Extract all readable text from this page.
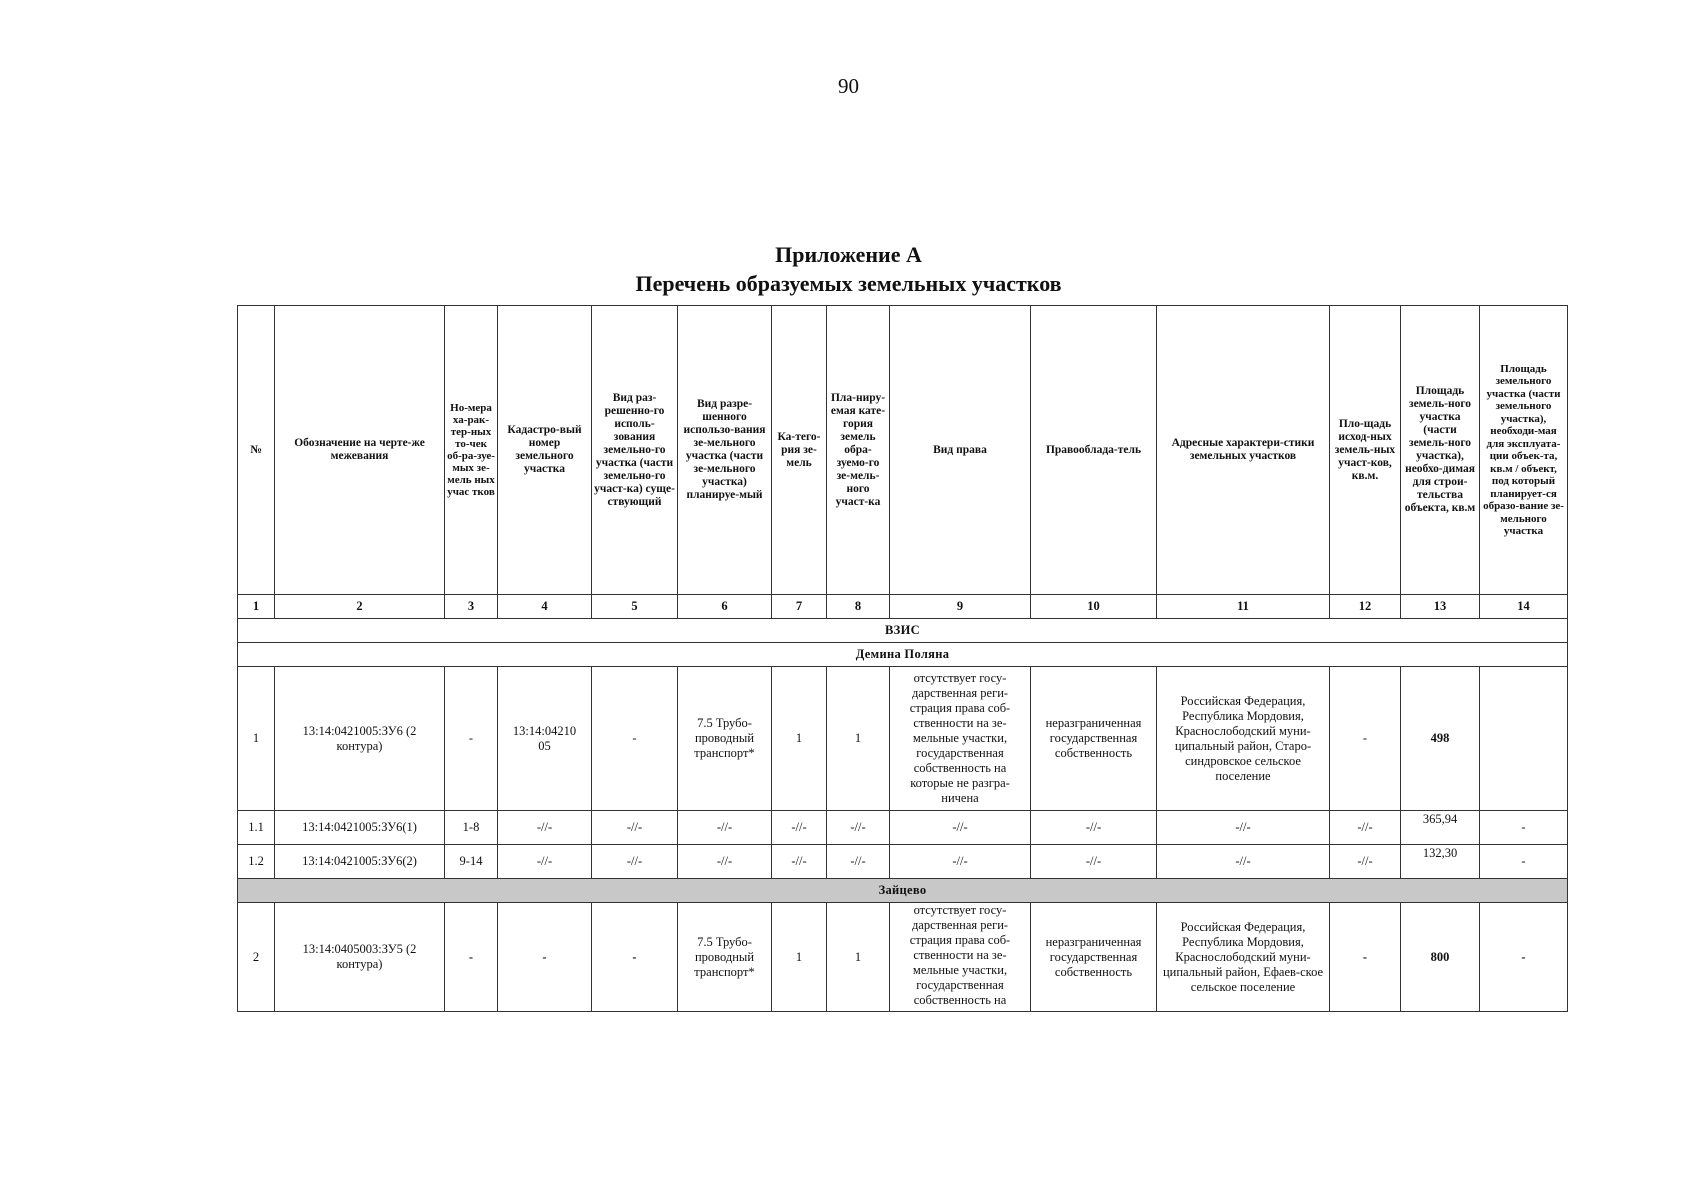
90
Приложение А
Перечень образуемых земельных участков
№	Обозначение на черте-же межевания	Но-мера ха-рак-тер-ных то-чек об-ра-зуе-мых зе-мель ных учас тков	Кадастро-вый номер земельного участка	Вид раз-решенно-го исполь-зования земельно-го участка (части земельно-го участ-ка) суще-ствующий	Вид разре-шенного использо-вания зе-мельного участка (части зе-мельного участка) планируе-мый	Ка-тего-рия зе-мель	Пла-ниру-емая кате-гория земель обра-зуемо-го зе-мель-ного участ-ка	Вид права	Правооблада-тель	Адресные характери-стики земельных участков	Пло-щадь исход-ных земель-ных участ-ков, кв.м.	Площадь земель-ного участка (части земель-ного участка), необхо-димая для строи-тельства объекта, кв.м	Площадь земельного участка (части земельного участка), необходи-мая для эксплуата-ции объек-та, кв.м / объект, под который планирует-ся образо-вание зе-мельного участка
1	2	3	4	5	6	7	8	9	10	11	12	13	14
ВЗИС													
Демина Поляна													
1	13:14:0421005:ЗУ6 (2 контура)	-	13:14:04210 05	-	7.5 Трубо-проводный транспорт*	1	1	отсутствует госу-дарственная реги-страция права соб-ственности на зе-мельные участки, государственная собственность на которые не разгра-ничена	неразграниченная государственная собственность	Российская Федерация, Республика Мордовия, Краснослободский муни-ципальный район, Старо-синдровское сельское поселение	-	498	
1.1	13:14:0421005:ЗУ6(1)	1-8	-//-	-//-	-//-	-//-	-//-	-//-	-//-	-//-	-//-	365,94	-
1.2	13:14:0421005:ЗУ6(2)	9-14	-//-	-//-	-//-	-//-	-//-	-//-	-//-	-//-	-//-	132,30	-
Зайцево													
2	13:14:0405003:ЗУ5 (2 контура)	-	-	-	7.5 Трубо-проводный транспорт*	1	1	отсутствует госу-дарственная реги-страция права соб-ственности на зе-мельные участки, государственная собственность на	неразграниченная государственная собственность	Российская Федерация, Республика Мордовия, Краснослободский муни-ципальный район, Ефаев-ское сельское поселение	-	800	-
